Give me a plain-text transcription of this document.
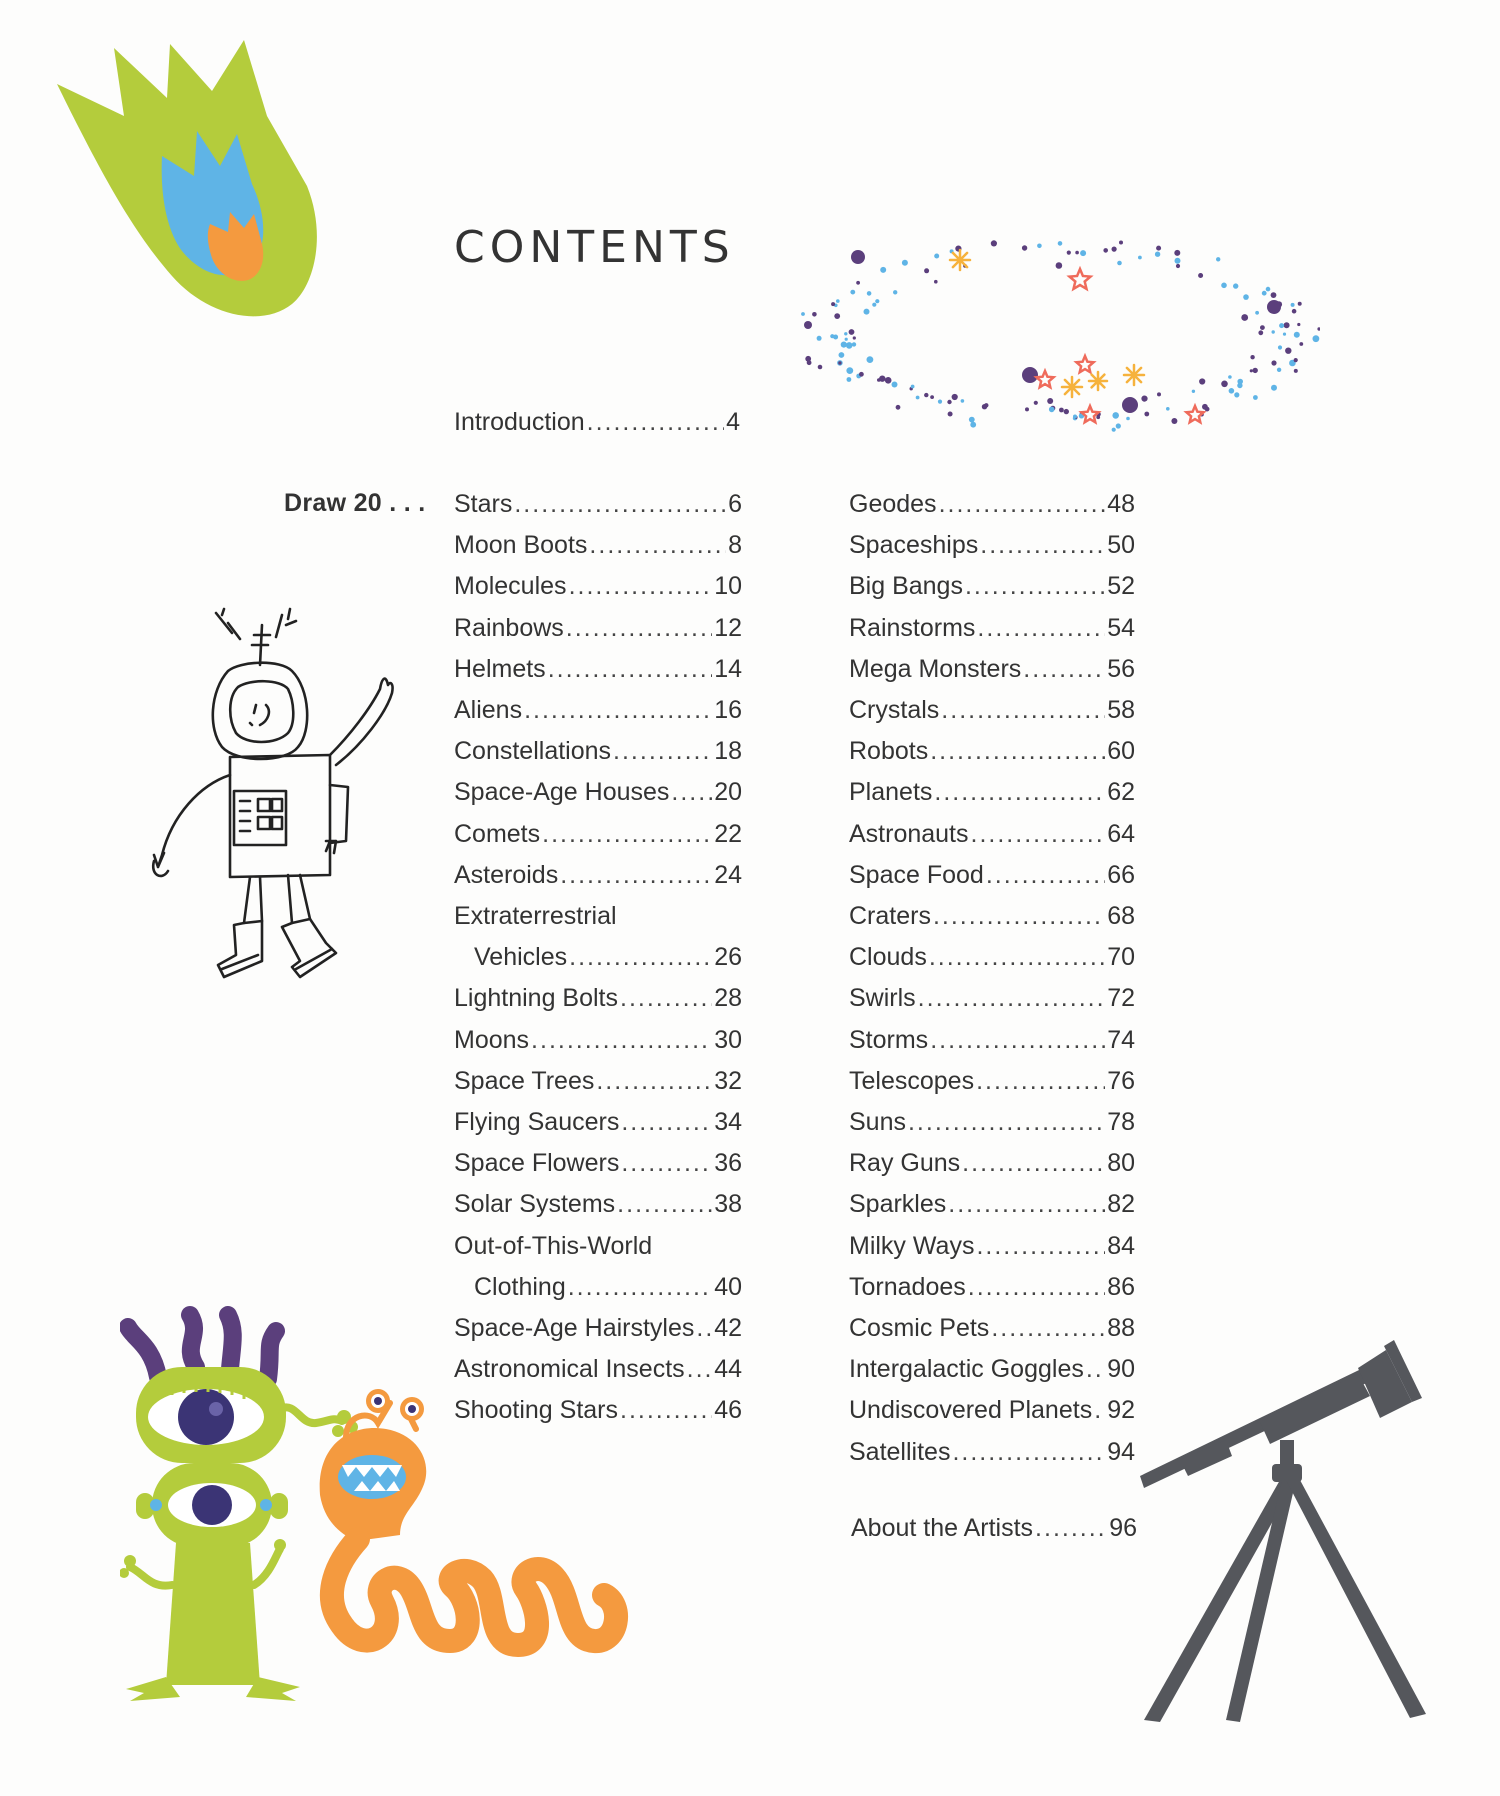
CONTENTS
Draw 20 . . .
Introduction .....	4
Stars .....	6
Moon Boots .....	8
Molecules .....	10
Rainbows .....	12
Helmets .....	14
Aliens .....	16
Constellations .....	18
Space-Age Houses ..... 20
Comets .....	22
Asteroids .....	24
Extraterrestrial
Vehicles .....	26
Lightning Bolts .....	28
Moons .....	30
Space Trees .....	32
Flying Saucers .....	34
Space Flowers .....	36
Solar Systems .....	38
Out-of-This-World
Clothing .....	40
Space-Age Hairstyles ..... 42
Astronomical Insects ..... 44
Shooting Stars .....	46
Geodes .....	48
Spaceships .....	50
Big Bangs .....	52
Rainstorms .....	54
Mega Monsters .....	56
Crystals .....	58
Robots .....	60
Planets .....	62
Astronauts .....	64
Space Food .....	66
Craters .....	68
Clouds .....	70
Swirls .....	72
Storms .....	74
Telescopes .....	76
Suns .....	78
Ray Guns .....	80
Sparkles .....	82
Milky Ways .....	84
Tornadoes .....	86
Cosmic Pets .....	88
Intergalactic Goggles ..... 90
Undiscovered Planets ..... 92
Satellites .....	94
About the Artists .....	96
